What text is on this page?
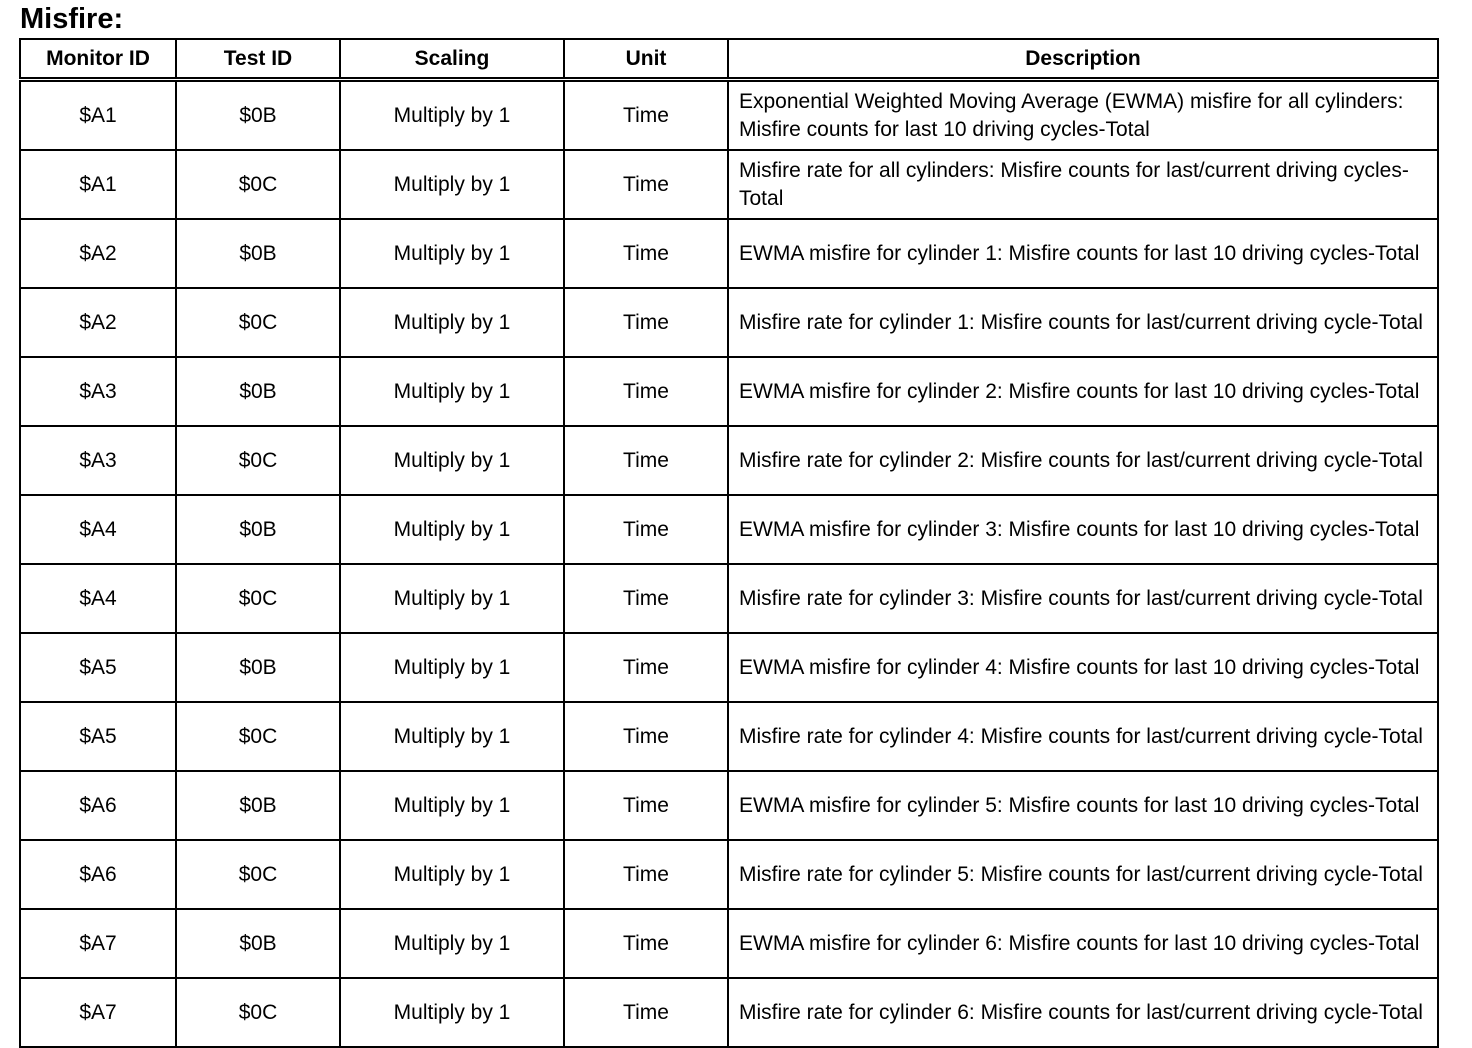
Misfire:
Monitor ID	Test ID	Scaling	Unit	Description
$A1	$0B	Multiply by 1	Time	Exponential Weighted Moving Average (EWMA) misfire for all cylinders: Misfire counts for last 10 driving cycles-Total
$A1	$0C	Multiply by 1	Time	Misfire rate for all cylinders: Misfire counts for last/current driving cycles-Total
$A2	$0B	Multiply by 1	Time	EWMA misfire for cylinder 1: Misfire counts for last 10 driving cycles-Total
$A2	$0C	Multiply by 1	Time	Misfire rate for cylinder 1: Misfire counts for last/current driving cycle-Total
$A3	$0B	Multiply by 1	Time	EWMA misfire for cylinder 2: Misfire counts for last 10 driving cycles-Total
$A3	$0C	Multiply by 1	Time	Misfire rate for cylinder 2: Misfire counts for last/current driving cycle-Total
$A4	$0B	Multiply by 1	Time	EWMA misfire for cylinder 3: Misfire counts for last 10 driving cycles-Total
$A4	$0C	Multiply by 1	Time	Misfire rate for cylinder 3: Misfire counts for last/current driving cycle-Total
$A5	$0B	Multiply by 1	Time	EWMA misfire for cylinder 4: Misfire counts for last 10 driving cycles-Total
$A5	$0C	Multiply by 1	Time	Misfire rate for cylinder 4: Misfire counts for last/current driving cycle-Total
$A6	$0B	Multiply by 1	Time	EWMA misfire for cylinder 5: Misfire counts for last 10 driving cycles-Total
$A6	$0C	Multiply by 1	Time	Misfire rate for cylinder 5: Misfire counts for last/current driving cycle-Total
$A7	$0B	Multiply by 1	Time	EWMA misfire for cylinder 6: Misfire counts for last 10 driving cycles-Total
$A7	$0C	Multiply by 1	Time	Misfire rate for cylinder 6: Misfire counts for last/current driving cycle-Total
